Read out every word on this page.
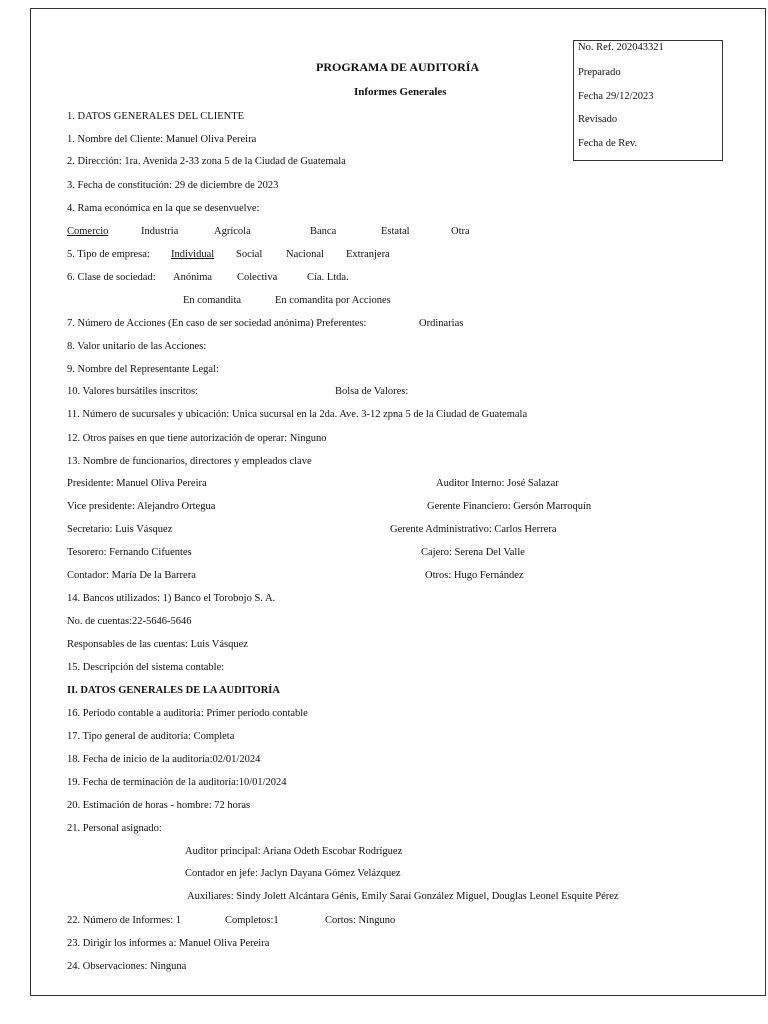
No. Ref. 202043321
Preparado
Fecha 29/12/2023
Revisado
Fecha de Rev.
PROGRAMA DE AUDITORÍA
Informes Generales
1. DATOS GENERALES DEL CLIENTE
1. Nombre del Cliente: Manuel Oliva Pereira
2. Dirección: 1ra. Avenida 2-33 zona 5 de la Ciudad de Guatemala
3. Fecha de constitución: 29 de diciembre de 2023
4. Rama económica en la que se desenvuelve:
Comercio	Industria	Agrícola	Banca	Estatal	Otra
5. Tipo de empresa: Individual Social Nacional Extranjera
6. Clase de sociedad: Anónima Colectiva	Cía. Ltda.
En comandita	En comandita por Acciones
7. Número de Acciones (En caso de ser sociedad anónima) Preferentes:	Ordinarias
8. Valor unitario de las Acciones:
9. Nombre del Representante Legal:
10. Valores bursátiles inscritos:	Bolsa de Valores:
11. Número de sucursales y ubicación: Unica sucursal en la 2da. Ave. 3-12 zpna 5 de la Ciudad de Guatemala
12. Otros países en que tiene autorización de operar: Ninguno
13. Nombre de funcionarios, directores y empleados clave
Presidente: Manuel Oliva Pereira	Auditor Interno: José Salazar
Vice presidente: Alejandro Ortegua	Gerente Financiero: Gersón Marroquín
Secretario: Luis Vásquez	Gerente Administrativo: Carlos Herrera
Tesorero: Fernando Cifuentes	Cajero: Serena Del Valle
Contador: María De la Barrera	Otros: Hugo Fernández
14. Bancos utilizados: 1) Banco el Torobojo S. A.
No. de cuentas:22-5646-5646
Responsables de las cuentas: Luis Vásquez
15. Descripción del sistema contable:
II. DATOS GENERALES DE LA AUDITORÍA
16. Periodo contable a auditoria: Primer período contable
17. Tipo general de auditoría: Completa
18. Fecha de inicio de la auditoría:02/01/2024
19. Fecha de terminación de la auditoría:10/01/2024
20. Estimación de horas - hombre: 72 horas
21. Personal asignado:
Auditor principal: Ariana Odeth Escobar Rodríguez
Contador en jefe: Jaclyn Dayana Gómez Velázquez
Auxiliares: Sindy Jolett Alcántara Génis, Emily Saraí González Miguel, Douglas Leonel Esquite Pérez
22. Número de Informes: 1	Completos:1	Cortos: Ninguno
23. Dirigir los informes a: Manuel Oliva Pereira
24. Observaciones: Ninguna
